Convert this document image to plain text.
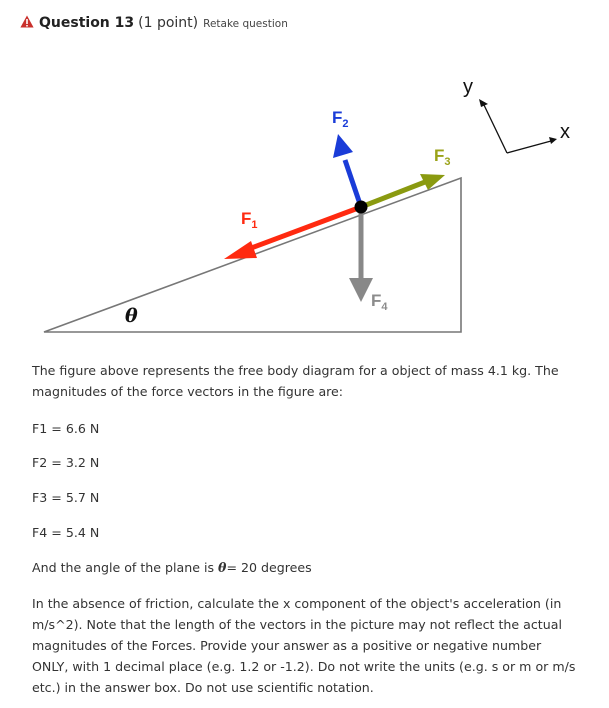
Question 13 (1 point) Retake question
$F_1$
$F_2$
$F_3$
$F_4$
θ
y
x
The figure above represents the free body diagram for a object of mass 4.1 kg. The magnitudes of the force vectors in the figure are:
F1 = 6.6 N
F2 = 3.2 N
F3 = 5.7 N
F4 = 5.4 N
And the angle of the plane is θ= 20 degrees
In the absence of friction, calculate the x component of the object's acceleration (in m/s^2). Note that the length of the vectors in the picture may not reflect the actual magnitudes of the Forces. Provide your answer as a positive or negative number ONLY, with 1 decimal place (e.g. 1.2 or -1.2). Do not write the units (e.g. s or m or m/s etc.) in the answer box. Do not use scientific notation.
